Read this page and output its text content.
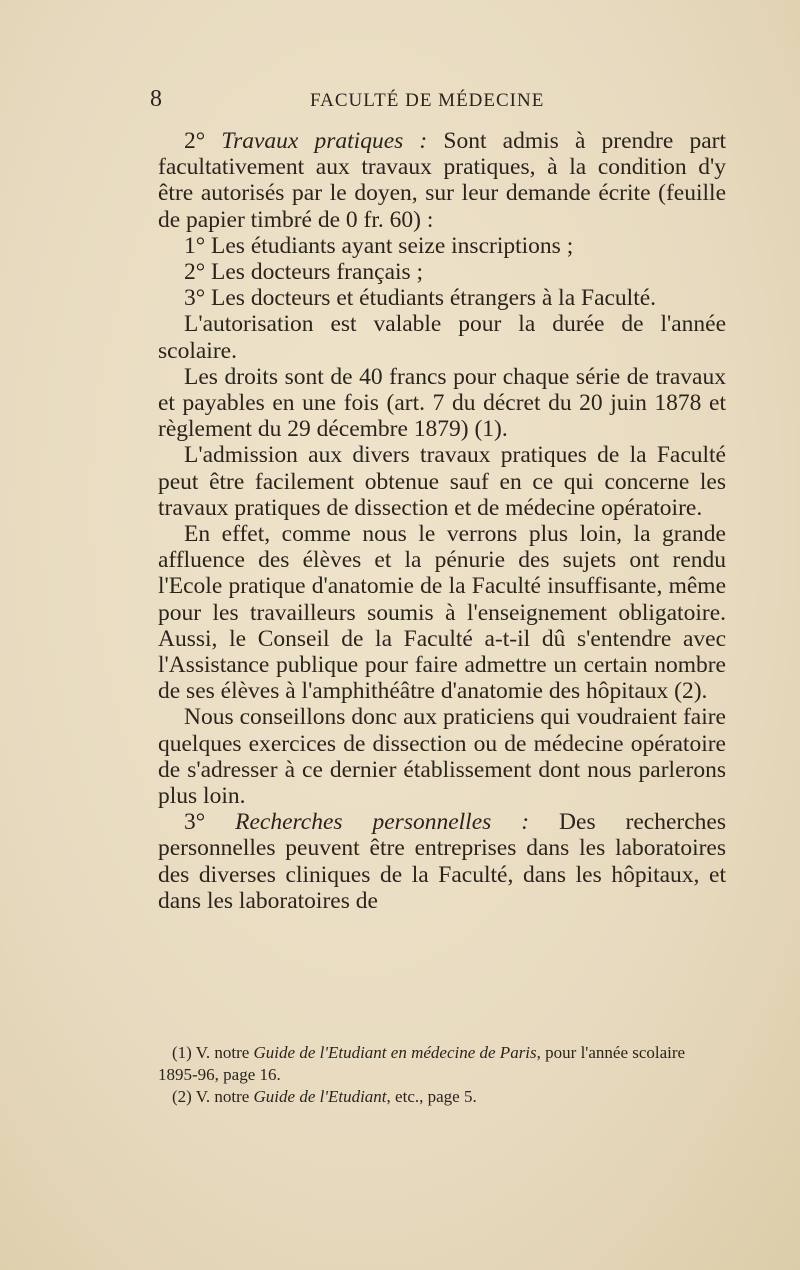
8	FACULTÉ DE MÉDECINE

2° Travaux pratiques : Sont admis à prendre part facultativement aux travaux pratiques, à la condition d'y être autorisés par le doyen, sur leur demande écrite (feuille de papier timbré de 0 fr. 60) :

1° Les étudiants ayant seize inscriptions ;

2° Les docteurs français ;

3° Les docteurs et étudiants étrangers à la Faculté.

L'autorisation est valable pour la durée de l'année scolaire.

Les droits sont de 40 francs pour chaque série de travaux et payables en une fois (art. 7 du décret du 20 juin 1878 et règlement du 29 décembre 1879) (1).

L'admission aux divers travaux pratiques de la Faculté peut être facilement obtenue sauf en ce qui concerne les travaux pratiques de dissection et de médecine opératoire.

En effet, comme nous le verrons plus loin, la grande affluence des élèves et la pénurie des sujets ont rendu l'Ecole pratique d'anatomie de la Faculté insuffisante, même pour les travailleurs soumis à l'enseignement obligatoire. Aussi, le Conseil de la Faculté a-t-il dû s'entendre avec l'Assistance publique pour faire admettre un certain nombre de ses élèves à l'amphithéâtre d'anatomie des hôpitaux (2).

Nous conseillons donc aux praticiens qui voudraient faire quelques exercices de dissection ou de médecine opératoire de s'adresser à ce dernier établissement dont nous parlerons plus loin.

3° Recherches personnelles : Des recherches personnelles peuvent être entreprises dans les laboratoires des diverses cliniques de la Faculté, dans les hôpitaux, et dans les laboratoires de

(1) V. notre Guide de l'Etudiant en médecine de Paris, pour l'année scolaire 1895-96, page 16.

(2) V. notre Guide de l'Etudiant, etc., page 5.
